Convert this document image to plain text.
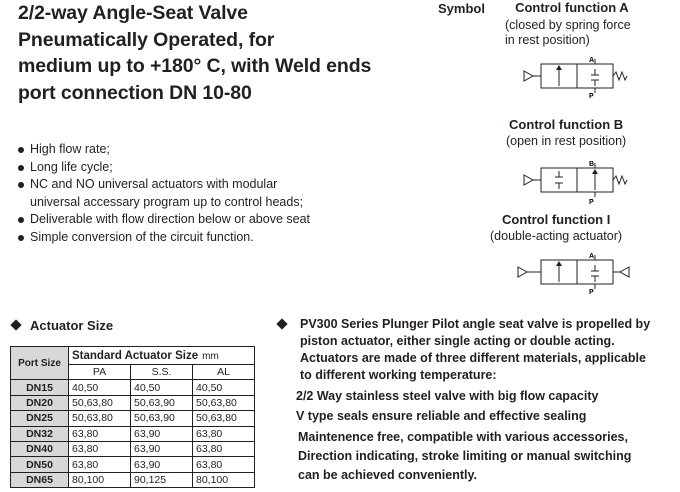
2/2-way Angle-Seat Valve
Pneumatically Operated, for
medium up to +180° C, with Weld ends
port connection DN 10-80
Symbol Control function A
(closed by spring force
in rest position)
A
P
Control function B
(open in rest position)
B
P
Control function I
(double-acting actuator)
A
P
High flow rate;
Long life cycle;
NC and NO universal actuators with modular
universal accessary program up to control heads;
Deliverable with flow direction below or above seat
Simple conversion of the circuit function.
Actuator Size
Port Size	Standard Actuator Size mm		
	PA	S.S.	AL
DN15	40,50	40,50	40,50
DN20	50,63,80	50,63,90	50,63,80
DN25	50,63,80	50,63,90	50,63,80
DN32	63,80	63,90	63,80
DN40	63,80	63,90	63,80
DN50	63,80	63,90	63,80
DN65	80,100	90,125	80,100
PV300 Series Plunger Pilot angle seat valve is propelled by
piston actuator, either single acting or double acting.
Actuators are made of three different materials, applicable
to different working temperature:
2/2 Way stainless steel valve with big flow capacity
V type seals ensure reliable and effective sealing
Maintenence free, compatible with various accessories,
Direction indicating, stroke limiting or manual switching
can be achieved conveniently.
